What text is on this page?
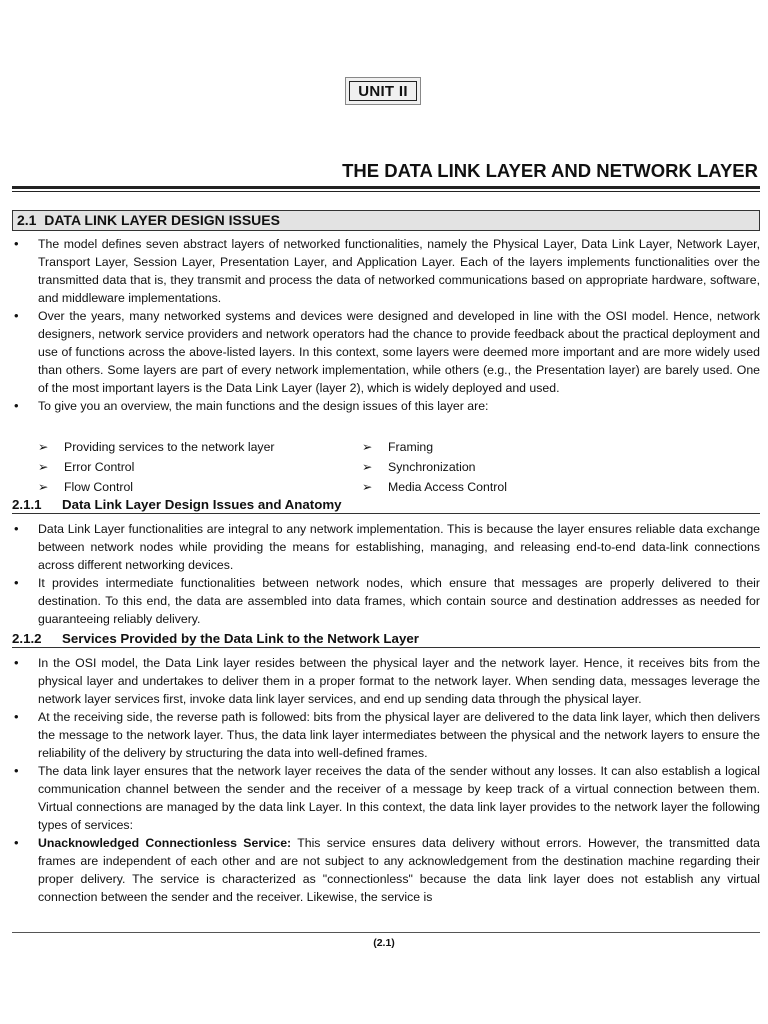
UNIT II
THE DATA LINK LAYER AND NETWORK LAYER
2.1 DATA LINK LAYER DESIGN ISSUES
• The model defines seven abstract layers of networked functionalities, namely the Physical Layer, Data Link Layer, Network Layer, Transport Layer, Session Layer, Presentation Layer, and Application Layer. Each of the layers implements functionalities over the transmitted data that is, they transmit and process the data of networked communications based on appropriate hardware, software, and middleware implementations.
• Over the years, many networked systems and devices were designed and developed in line with the OSI model. Hence, network designers, network service providers and network operators had the chance to provide feedback about the practical deployment and use of functions across the above-listed layers. In this context, some layers were deemed more important and are more widely used than others. Some layers are part of every network implementation, while others (e.g., the Presentation layer) are barely used. One of the most important layers is the Data Link Layer (layer 2), which is widely deployed and used.
• To give you an overview, the main functions and the design issues of this layer are:
➢ Providing services to the network layer	➢ Framing
➢ Error Control	➢ Synchronization
➢ Flow Control	➢ Media Access Control
2.1.1 Data Link Layer Design Issues and Anatomy
• Data Link Layer functionalities are integral to any network implementation. This is because the layer ensures reliable data exchange between network nodes while providing the means for establishing, managing, and releasing end-to-end data-link connections across different networking devices.
• It provides intermediate functionalities between network nodes, which ensure that messages are properly delivered to their destination. To this end, the data are assembled into data frames, which contain source and destination addresses as needed for guaranteeing reliably delivery.
2.1.2 Services Provided by the Data Link to the Network Layer
• In the OSI model, the Data Link layer resides between the physical layer and the network layer. Hence, it receives bits from the physical layer and undertakes to deliver them in a proper format to the network layer. When sending data, messages leverage the network layer services first, invoke data link layer services, and end up sending data through the physical layer.
• At the receiving side, the reverse path is followed: bits from the physical layer are delivered to the data link layer, which then delivers the message to the network layer. Thus, the data link layer intermediates between the physical and the network layers to ensure the reliability of the delivery by structuring the data into well-defined frames.
• The data link layer ensures that the network layer receives the data of the sender without any losses. It can also establish a logical communication channel between the sender and the receiver of a message by keep track of a virtual connection between them. Virtual connections are managed by the data link Layer. In this context, the data link layer provides to the network layer the following types of services:
• Unacknowledged Connectionless Service: This service ensures data delivery without errors. However, the transmitted data frames are independent of each other and are not subject to any acknowledgement from the destination machine regarding their proper delivery. The service is characterized as "connectionless" because the data link layer does not establish any virtual connection between the sender and the receiver. Likewise, the service is
(2.1)
